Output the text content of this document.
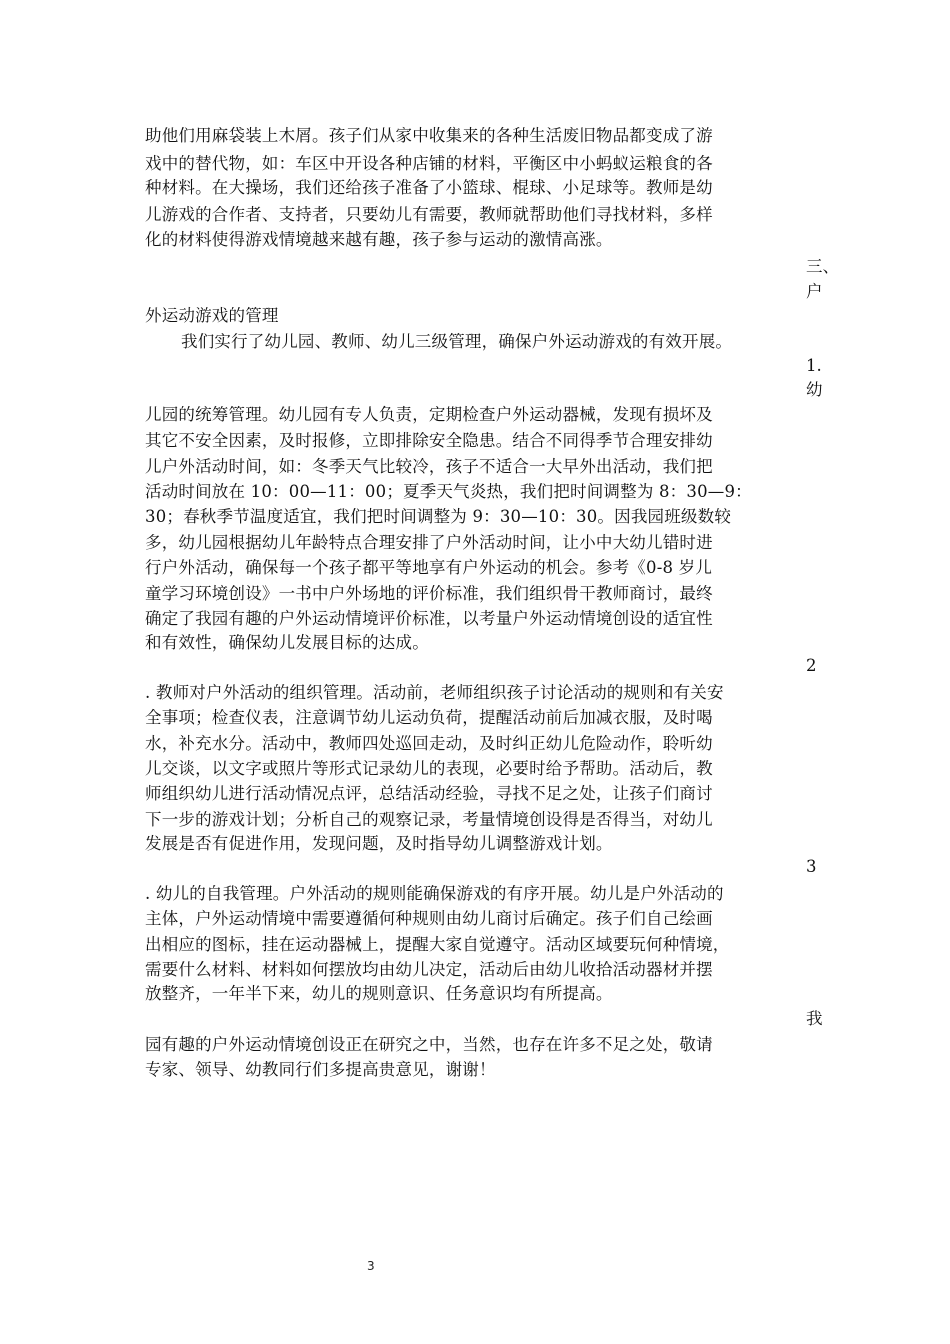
助他们用麻袋装上木屑。孩子们从家中收集来的各种生活废旧物品都变成了游
戏中的替代物，如：车区中开设各种店铺的材料，平衡区中小蚂蚁运粮食的各
种材料。在大操场，我们还给孩子准备了小篮球、棍球、小足球等。教师是幼
儿游戏的合作者、支持者，只要幼儿有需要，教师就帮助他们寻找材料，多样
化的材料使得游戏情境越来越有趣，孩子参与运动的激情高涨。
三、
户
外运动游戏的管理
我们实行了幼儿园、教师、幼儿三级管理，确保户外运动游戏的有效开展。
1.
幼
儿园的统筹管理。幼儿园有专人负责，定期检查户外运动器械，发现有损坏及
其它不安全因素，及时报修，立即排除安全隐患。结合不同得季节合理安排幼
儿户外活动时间，如：冬季天气比较冷，孩子不适合一大早外出活动，我们把
活动时间放在 10：00—11：00；夏季天气炎热，我们把时间调整为 8：30—9：
30；春秋季节温度适宜，我们把时间调整为 9：30—10：30。因我园班级数较
多，幼儿园根据幼儿年龄特点合理安排了户外活动时间，让小中大幼儿错时进
行户外活动，确保每一个孩子都平等地享有户外运动的机会。参考《0-8 岁儿
童学习环境创设》一书中户外场地的评价标准，我们组织骨干教师商讨，最终
确定了我园有趣的户外运动情境评价标准，以考量户外运动情境创设的适宜性
和有效性，确保幼儿发展目标的达成。
2
. 教师对户外活动的组织管理。活动前，老师组织孩子讨论活动的规则和有关安
全事项；检查仪表，注意调节幼儿运动负荷，提醒活动前后加减衣服，及时喝
水，补充水分。活动中，教师四处巡回走动，及时纠正幼儿危险动作，聆听幼
儿交谈，以文字或照片等形式记录幼儿的表现，必要时给予帮助。活动后，教
师组织幼儿进行活动情况点评，总结活动经验，寻找不足之处，让孩子们商讨
下一步的游戏计划；分析自己的观察记录，考量情境创设得是否得当，对幼儿
发展是否有促进作用，发现问题，及时指导幼儿调整游戏计划。
3
. 幼儿的自我管理。户外活动的规则能确保游戏的有序开展。幼儿是户外活动的
主体，户外运动情境中需要遵循何种规则由幼儿商讨后确定。孩子们自己绘画
出相应的图标，挂在运动器械上，提醒大家自觉遵守。活动区域要玩何种情境，
需要什么材料、材料如何摆放均由幼儿决定，活动后由幼儿收拾活动器材并摆
放整齐，一年半下来，幼儿的规则意识、任务意识均有所提高。
我
园有趣的户外运动情境创设正在研究之中，当然，也存在许多不足之处，敬请
专家、领导、幼教同行们多提高贵意见，谢谢！
3
